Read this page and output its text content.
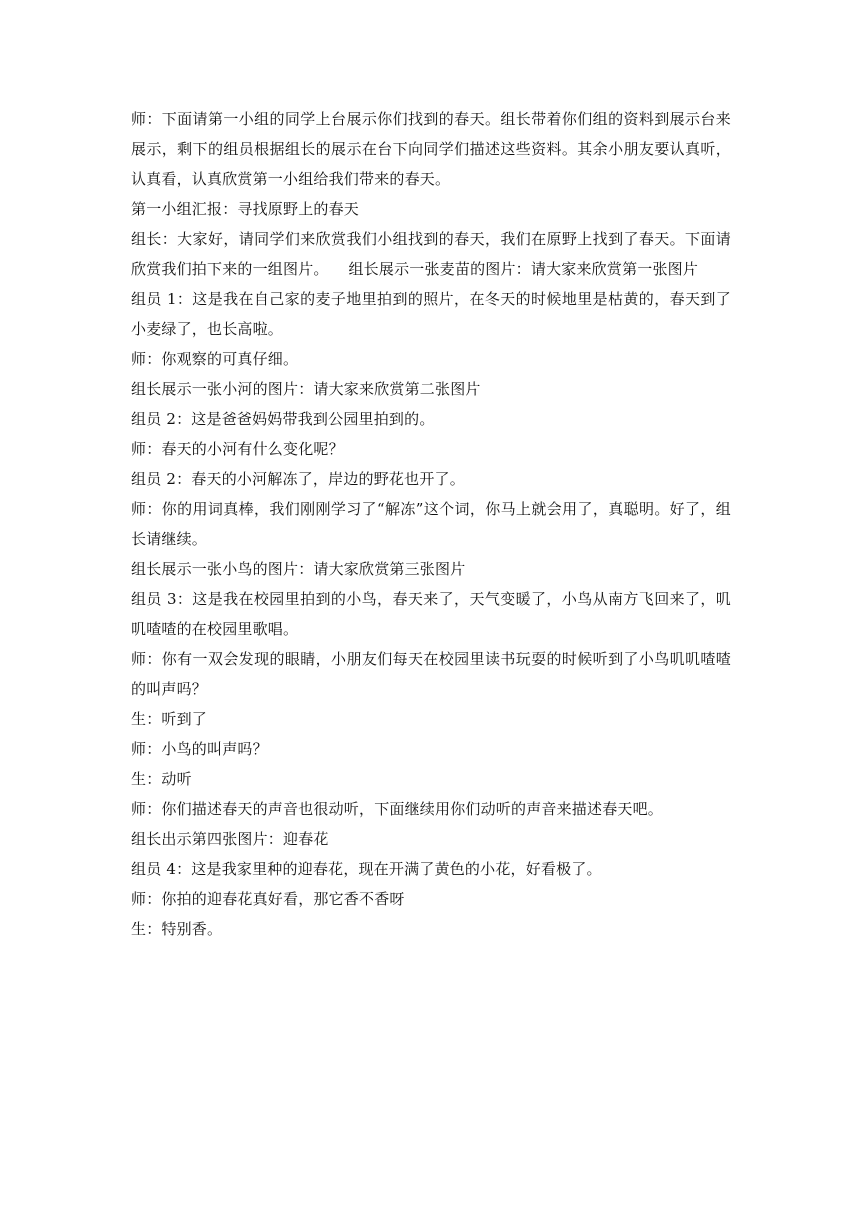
师：下面请第一小组的同学上台展示你们找到的春天。组长带着你们组的资料到展示台来展示，剩下的组员根据组长的展示在台下向同学们描述这些资料。其余小朋友要认真听，认真看，认真欣赏第一小组给我们带来的春天。

第一小组汇报：寻找原野上的春天

组长：大家好，请同学们来欣赏我们小组找到的春天，我们在原野上找到了春天。下面请欣赏我们拍下来的一组图片。    组长展示一张麦苗的图片：请大家来欣赏第一张图片

组员 1：这是我在自己家的麦子地里拍到的照片，在冬天的时候地里是枯黄的，春天到了小麦绿了，也长高啦。

师：你观察的可真仔细。

组长展示一张小河的图片：请大家来欣赏第二张图片

组员 2：这是爸爸妈妈带我到公园里拍到的。

师：春天的小河有什么变化呢？

组员 2：春天的小河解冻了，岸边的野花也开了。

师：你的用词真棒，我们刚刚学习了“解冻”这个词，你马上就会用了，真聪明。好了，组长请继续。

组长展示一张小鸟的图片：请大家欣赏第三张图片

组员 3：这是我在校园里拍到的小鸟，春天来了，天气变暖了，小鸟从南方飞回来了，叽叽喳喳的在校园里歌唱。

师：你有一双会发现的眼睛，小朋友们每天在校园里读书玩耍的时候听到了小鸟叽叽喳喳的叫声吗？

生：听到了

师：小鸟的叫声吗？

生：动听

师：你们描述春天的声音也很动听，下面继续用你们动听的声音来描述春天吧。

组长出示第四张图片：迎春花

组员 4：这是我家里种的迎春花，现在开满了黄色的小花，好看极了。

师：你拍的迎春花真好看，那它香不香呀

生：特别香。
